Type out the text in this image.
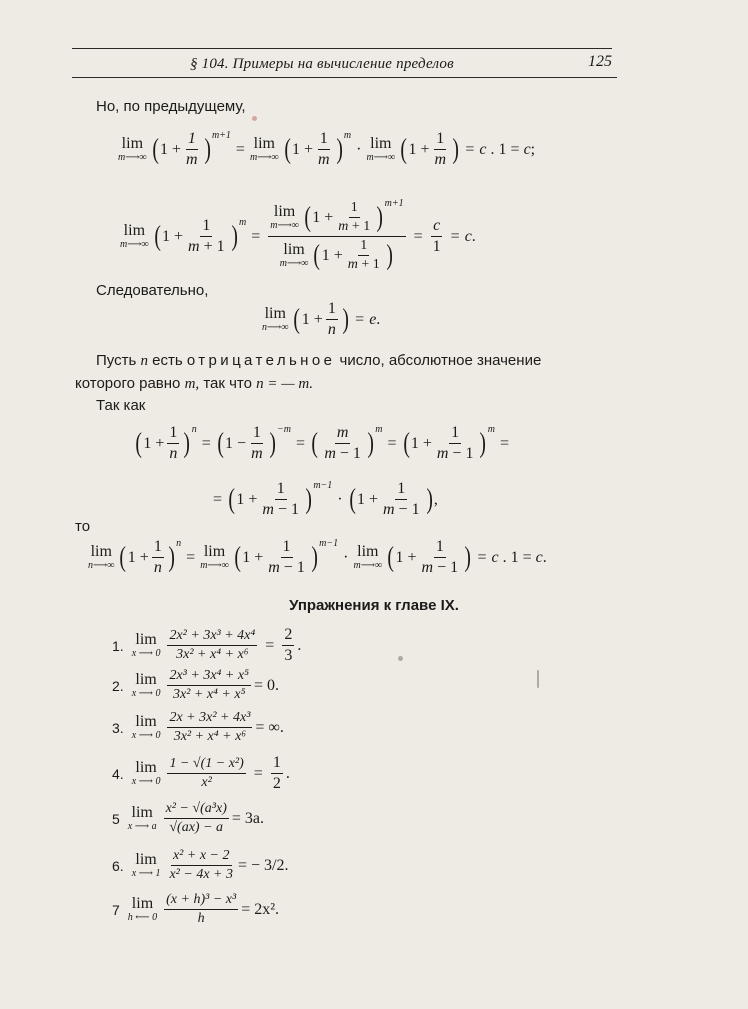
§ 104. Примеры на вычисление пределов	125
Но, по предыдущему,
lim
m⟶∞ ( $1 + \frac{1}{m} )^{m+1}$
= lim
m⟶∞ ( $1 + \frac{1}{m} )^m$
· lim
m⟶∞ ( $1 + \frac{1}{m}$ ) = c . 1 = c ;
lim
m⟶∞ ( $1 + \frac{1}{m + 1} )^m$
= lim
m⟶∞ ( $1 + \frac{1}{m + 1} )^{m+1}$
lim
m⟶∞ ( $1 + \frac{1}{m + 1}$ ) = $\frac{c}{1} = c$ .
Следовательно,
lim
n⟶∞ ( $1 + \frac{1}{n}$ ) = e .
Пусть n есть отрицательное число, абсолютное значение
которого равно m, так что n = — m.
Так как
( $1 + \frac{1}{n} )^n$
= ( $1 - \frac{1}{m} )^{-m}$
= ( $\frac{m}{m - 1} )^m$
= ( $1 + \frac{1}{m - 1} )^m$
=
= ( $1 + \frac{1}{m - 1} )^{m-1}$
· ( $1 + \frac{1}{m - 1}$ ) ,
то
lim
n⟶∞ ( $1 + \frac{1}{n} )^n$
= lim
m⟶∞ ( $1 + \frac{1}{m - 1} )^{m-1}$
· lim
m⟶∞ ( $1 + \frac{1}{m - 1}$ ) = c . 1 = c .
Упражнения к главе IX.
1. lim
x ⟶ $0 \frac{\text{2x² + 3x³ + 4x⁴}}{\text{3x² + x⁴ + x⁶}} = \frac{2}{3}$ .
2. lim
x ⟶ $0 \frac{\text{2x³ + 3x⁴ + x⁵}}{\text{3x² + x⁴ + x⁵}} = 0$.
3. lim
x ⟶ $0 \frac{\text{2x + 3x² + 4x³}}{\text{3x² + x⁴ + x⁶}}$ = ∞.
4. lim
x ⟶ $0 \frac{\text{1 − √(1 − x²)}}{\text{x²}} = \frac{1}{2}$ .
5 lim
x ⟶ a $\frac{\text{x² − √(a³x)}}{√(ax) - a} = 3a$.
6. lim
x ⟶ $1 \frac{\text{x² + x − 2}}{\text{x² − 4x + 3}}$ = − 3/2.
7 lim
h ⟵ $0 \frac{\text{(x + h)³ − x³}}{h} = 2x^2$.
